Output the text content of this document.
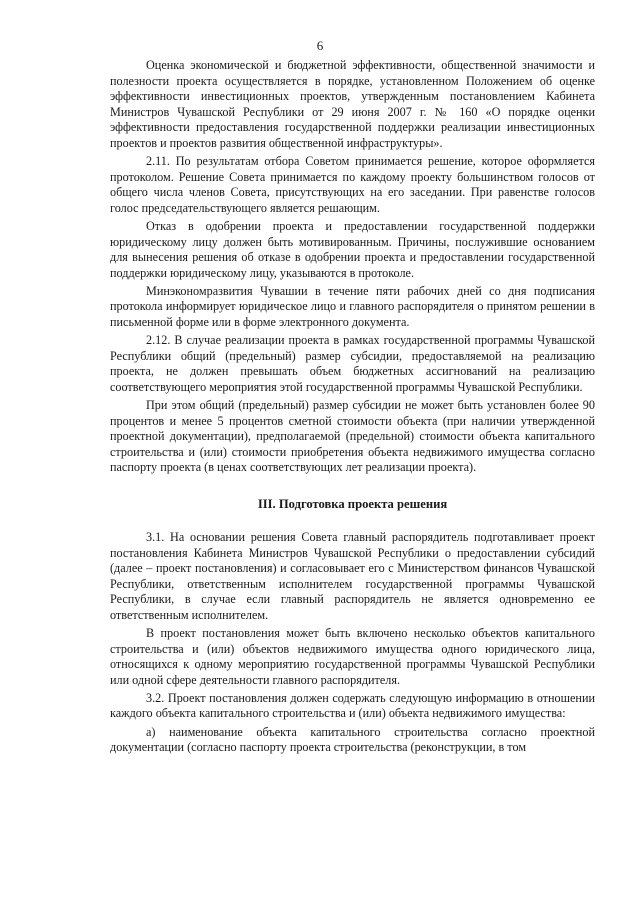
6

Оценка экономической и бюджетной эффективности, общественной значимости и полезности проекта осуществляется в порядке, установленном Положением об оценке эффективности инвестиционных проектов, утвержденным постановлением Кабинета Министров Чувашской Республики от 29 июня 2007 г. № 160 «О порядке оценки эффективности предоставления государственной поддержки реализации инвестиционных проектов и проектов развития общественной инфраструктуры».

2.11. По результатам отбора Советом принимается решение, которое оформляется протоколом. Решение Совета принимается по каждому проекту большинством голосов от общего числа членов Совета, присутствующих на его заседании. При равенстве голосов голос председательствующего является решающим.

Отказ в одобрении проекта и предоставлении государственной поддержки юридическому лицу должен быть мотивированным. Причины, послужившие основанием для вынесения решения об отказе в одобрении проекта и предоставлении государственной поддержки юридическому лицу, указываются в протоколе.

Минэкономразвития Чувашии в течение пяти рабочих дней со дня подписания протокола информирует юридическое лицо и главного распорядителя о принятом решении в письменной форме или в форме электронного документа.

2.12. В случае реализации проекта в рамках государственной программы Чувашской Республики общий (предельный) размер субсидии, предоставляемой на реализацию проекта, не должен превышать объем бюджетных ассигнований на реализацию соответствующего мероприятия этой государственной программы Чувашской Республики.

При этом общий (предельный) размер субсидии не может быть установлен более 90 процентов и менее 5 процентов сметной стоимости объекта (при наличии утвержденной проектной документации), предполагаемой (предельной) стоимости объекта капитального строительства и (или) стоимости приобретения объекта недвижимого имущества согласно паспорту проекта (в ценах соответствующих лет реализации проекта).

III. Подготовка проекта решения

3.1. На основании решения Совета главный распорядитель подготавливает проект постановления Кабинета Министров Чувашской Республики о предоставлении субсидий (далее – проект постановления) и согласовывает его с Министерством финансов Чувашской Республики, ответственным исполнителем государственной программы Чувашской Республики, в случае если главный распорядитель не является одновременно ее ответственным исполнителем.

В проект постановления может быть включено несколько объектов капитального строительства и (или) объектов недвижимого имущества одного юридического лица, относящихся к одному мероприятию государственной программы Чувашской Республики или одной сфере деятельности главного распорядителя.

3.2. Проект постановления должен содержать следующую информацию в отношении каждого объекта капитального строительства и (или) объекта недвижимого имущества:

а) наименование объекта капитального строительства согласно проектной документации (согласно паспорту проекта строительства (реконструкции, в том
